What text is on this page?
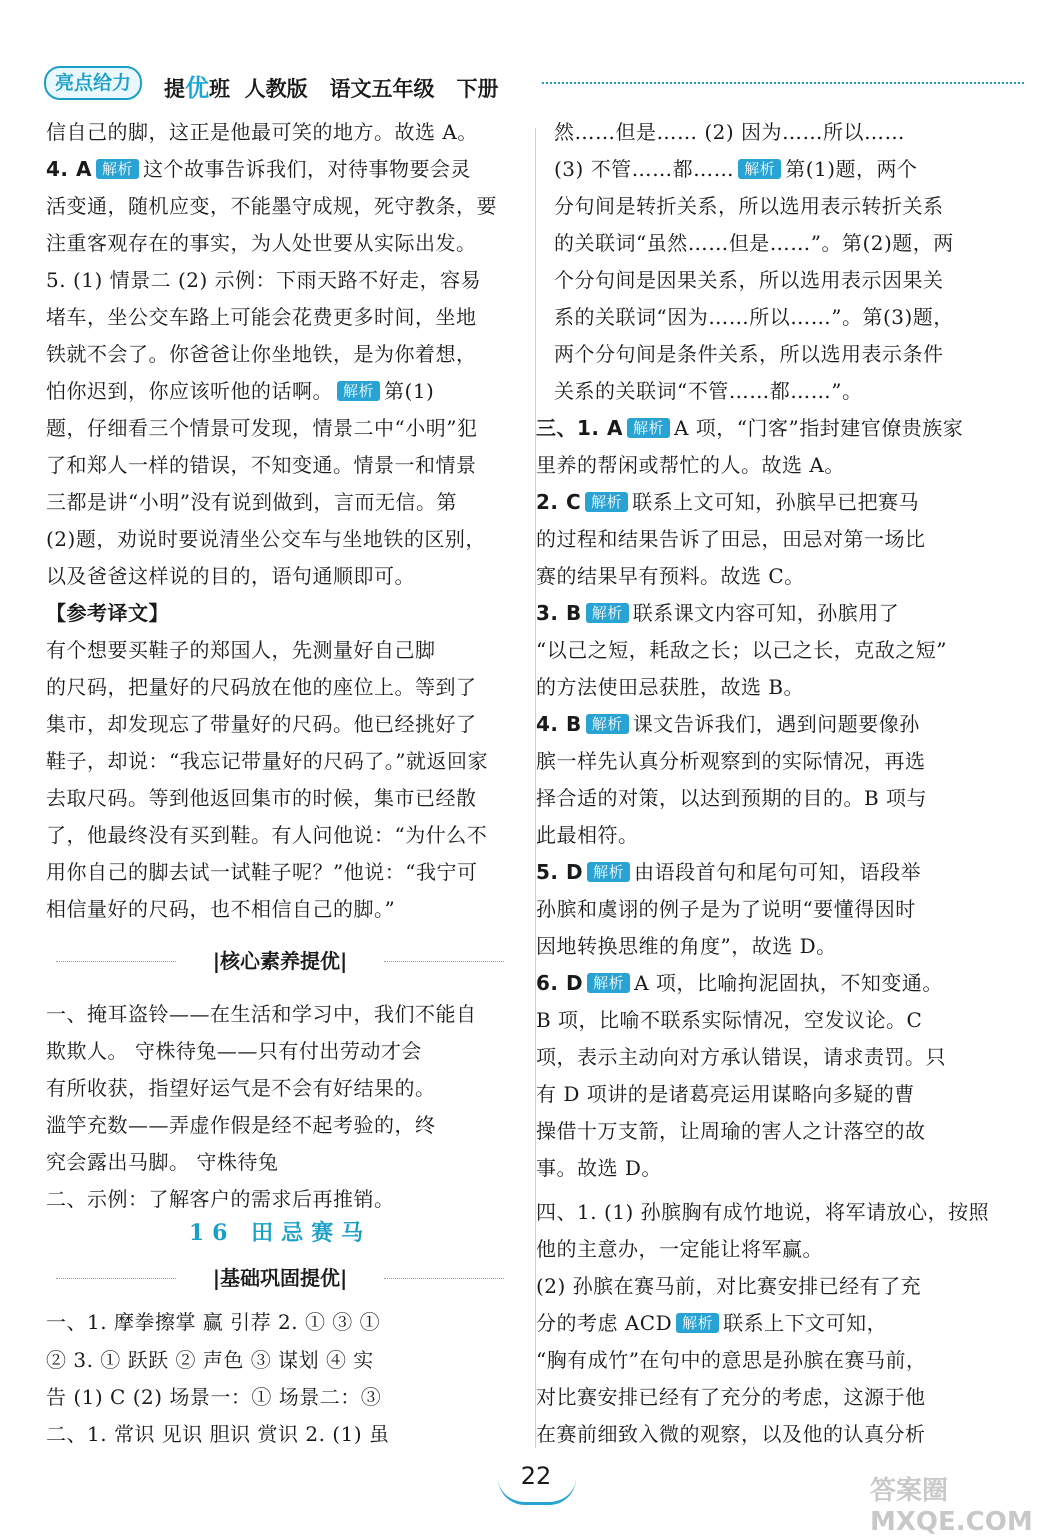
亮点给力	提优班 人教版   语文五年级   下册
信自己的脚，这正是他最可笑的地方。故选 A。
4. A 解析 这个故事告诉我们，对待事物要会灵
活变通，随机应变，不能墨守成规，死守教条，要
注重客观存在的事实，为人处世要从实际出发。
5. (1) 情景二 (2) 示例：下雨天路不好走，容易
堵车，坐公交车路上可能会花费更多时间，坐地
铁就不会了。你爸爸让你坐地铁，是为你着想，
怕你迟到，你应该听他的话啊。 解析 第(1)
题，仔细看三个情景可发现，情景二中“小明”犯
了和郑人一样的错误，不知变通。情景一和情景
三都是讲“小明”没有说到做到，言而无信。第
(2)题，劝说时要说清坐公交车与坐地铁的区别，
以及爸爸这样说的目的，语句通顺即可。
【参考译文】
有个想要买鞋子的郑国人，先测量好自己脚
的尺码，把量好的尺码放在他的座位上。等到了
集市，却发现忘了带量好的尺码。他已经挑好了
鞋子，却说：“我忘记带量好的尺码了。”就返回家
去取尺码。等到他返回集市的时候，集市已经散
了，他最终没有买到鞋。有人问他说：“为什么不
用你自己的脚去试一试鞋子呢？”他说：“我宁可
相信量好的尺码，也不相信自己的脚。”
|核心素养提优|
一、掩耳盗铃——在生活和学习中，我们不能自
欺欺人。 守株待兔——只有付出劳动才会
有所收获，指望好运气是不会有好结果的。
滥竽充数——弄虚作假是经不起考验的，终
究会露出马脚。 守株待兔
二、示例：了解客户的需求后再推销。
16 田忌赛马
|基础巩固提优|
一、1. 摩拳擦掌 赢 引荐 2. ① ③ ①
② 3. ① 跃跃 ② 声色 ③ 谋划 ④ 实
告 (1) C (2) 场景一：① 场景二：③
二、1. 常识 见识 胆识 赏识 2. (1) 虽
然……但是…… (2) 因为……所以……
(3) 不管……都…… 解析 第(1)题，两个
分句间是转折关系，所以选用表示转折关系
的关联词“虽然……但是……”。第(2)题，两
个分句间是因果关系，所以选用表示因果关
系的关联词“因为……所以……”。第(3)题，
两个分句间是条件关系，所以选用表示条件
关系的关联词“不管……都……”。
三、1. A 解析 A 项，“门客”指封建官僚贵族家
里养的帮闲或帮忙的人。故选 A。
2. C 解析 联系上文可知，孙膑早已把赛马
的过程和结果告诉了田忌，田忌对第一场比
赛的结果早有预料。故选 C。
3. B 解析 联系课文内容可知，孙膑用了
“以己之短，耗敌之长；以己之长，克敌之短”
的方法使田忌获胜，故选 B。
4. B 解析 课文告诉我们，遇到问题要像孙
膑一样先认真分析观察到的实际情况，再选
择合适的对策，以达到预期的目的。B 项与
此最相符。
5. D 解析 由语段首句和尾句可知，语段举
孙膑和虞诩的例子是为了说明“要懂得因时
因地转换思维的角度”，故选 D。
6. D 解析 A 项，比喻拘泥固执，不知变通。
B 项，比喻不联系实际情况，空发议论。C
项，表示主动向对方承认错误，请求责罚。只
有 D 项讲的是诸葛亮运用谋略向多疑的曹
操借十万支箭，让周瑜的害人之计落空的故
事。故选 D。
四、1. (1) 孙膑胸有成竹地说，将军请放心，按照
他的主意办，一定能让将军赢。
(2) 孙膑在赛马前，对比赛安排已经有了充
分的考虑 ACD 解析 联系上下文可知，
“胸有成竹”在句中的意思是孙膑在赛马前，
对比赛安排已经有了充分的考虑，这源于他
在赛前细致入微的观察，以及他的认真分析
22	答案圈 MXQE.COM
